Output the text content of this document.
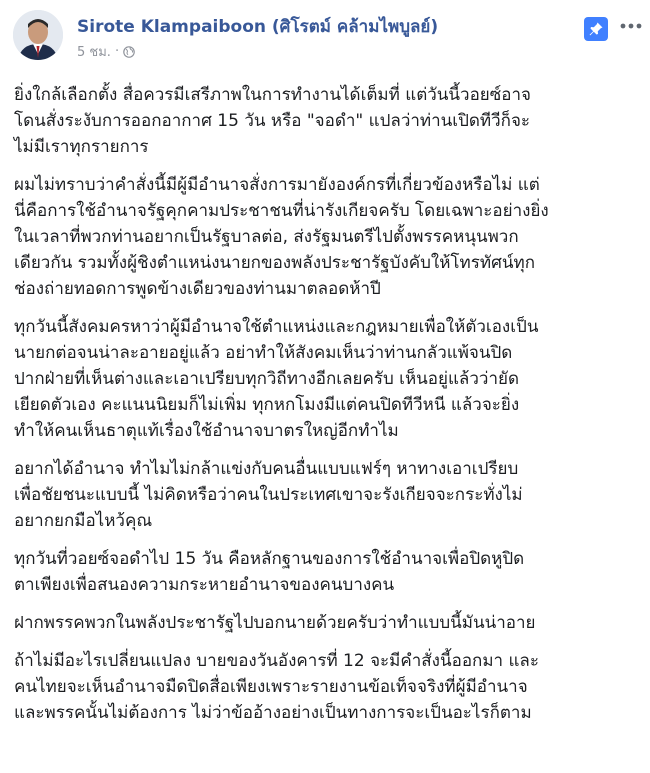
Sirote Klampaiboon (ศิโรตม์ คล้ามไพบูลย์)
5 ชม. ·
ยิ่งใกล้เลือกตั้ง สื่อควรมีเสรีภาพในการทำงานได้เต็มที่ แต่วันนี้วอยซ์อาจ
โดนสั่งระงับการออกอากาศ 15 วัน หรือ "จอดำ" แปลว่าท่านเปิดทีวีก็จะ
ไม่มีเราทุกรายการ
ผมไม่ทราบว่าคำสั่งนี้มีผู้มีอำนาจสั่งการมายังองค์กรที่เกี่ยวข้องหรือไม่ แต่
นี่คือการใช้อำนาจรัฐคุกคามประชาชนที่น่ารังเกียจครับ โดยเฉพาะอย่างยิ่ง
ในเวลาที่พวกท่านอยากเป็นรัฐบาลต่อ, ส่งรัฐมนตรีไปตั้งพรรคหนุนพวก
เดียวกัน รวมทั้งผู้ชิงตำแหน่งนายกของพลังประชารัฐบังคับให้โทรทัศน์ทุก
ช่องถ่ายทอดการพูดข้างเดียวของท่านมาตลอดห้าปี
ทุกวันนี้สังคมครหาว่าผู้มีอำนาจใช้ตำแหน่งและกฎหมายเพื่อให้ตัวเองเป็น
นายกต่อจนน่าละอายอยู่แล้ว อย่าทำให้สังคมเห็นว่าท่านกลัวแพ้จนปิด
ปากฝ่ายที่เห็นต่างและเอาเปรียบทุกวิถีทางอีกเลยครับ เห็นอยู่แล้วว่ายัด
เยียดตัวเอง คะแนนนิยมก็ไม่เพิ่ม ทุกหกโมงมีแต่คนปิดทีวีหนี แล้วจะยิ่ง
ทำให้คนเห็นธาตุแท้เรื่องใช้อำนาจบาตรใหญ่อีกทำไม
อยากได้อำนาจ ทำไมไม่กล้าแข่งกับคนอื่นแบบแฟร์ๆ หาทางเอาเปรียบ
เพื่อชัยชนะแบบนี้ ไม่คิดหรือว่าคนในประเทศเขาจะรังเกียจจะกระทั่งไม่
อยากยกมือไหว้คุณ
ทุกวันที่วอยซ์จอดำไป 15 วัน คือหลักฐานของการใช้อำนาจเพื่อปิดหูปิด
ตาเพียงเพื่อสนองความกระหายอำนาจของคนบางคน
ฝากพรรคพวกในพลังประชารัฐไปบอกนายด้วยครับว่าทำแบบนี้มันน่าอาย
ถ้าไม่มีอะไรเปลี่ยนแปลง บายของวันอังคารที่ 12 จะมีคำสั่งนี้ออกมา และ
คนไทยจะเห็นอำนาจมืดปิดสื่อเพียงเพราะรายงานข้อเท็จจริงที่ผู้มีอำนาจ
และพรรคนั้นไม่ต้องการ ไม่ว่าข้ออ้างอย่างเป็นทางการจะเป็นอะไรก็ตาม
